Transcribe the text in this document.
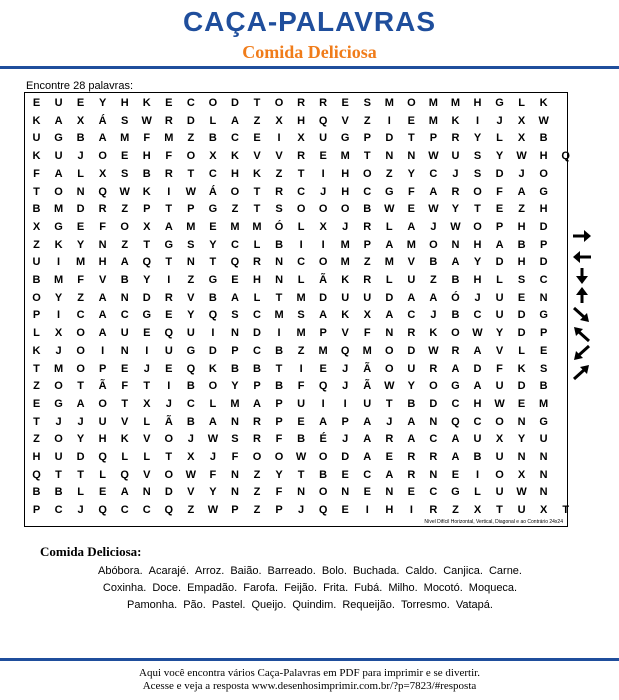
CAÇA-PALAVRAS
Comida Deliciosa
Encontre 28 palavras:
E	U	E	Y	H	K	E	C	O	D	T	O	R	R	E	S	M	O	M	M	H	G	L	K
K	A	X	Á	S	W	R	D	L	A	Z	X	H	Q	V	Z	I	E	M	K	I	J	X	W
U	G	B	A	M	F	M	Z	B	C	E	I	X	U	G	P	D	T	P	R	Y	L	X	B
K	U	J	O	E	H	F	O	X	K	V	V	R	E	M	T	N	N	W	U	S	Y	W	H	Q
F	A	L	X	S	B	R	T	C	H	K	Z	T	I	H	O	Z	Y	C	J	S	D	J	O
T	O	N	Q	W	K	I	W	Á	O	T	R	C	J	H	C	G	F	A	R	O	F	A	G
B	M	D	R	Z	P	T	P	G	Z	T	S	O	O	O	B	W	E	W	Y	T	E	Z	H
X	G	E	F	O	X	A	M	E	M	M	Ó	L	X	J	R	L	A	J	W	O	P	H	D
Z	K	Y	N	Z	T	G	S	Y	C	L	B	I	I	M	P	A	M	O	N	H	A	B	P
U	I	M	H	A	Q	T	N	T	Q	R	N	C	O	M	Z	M	V	B	A	Y	D	H	D
B	M	F	V	B	Y	I	Z	G	E	H	N	L	Ã	K	R	L	U	Z	B	H	L	S	C
O	Y	Z	A	N	D	R	V	B	A	L	T	M	D	U	U	D	A	A	Ó	J	U	E	N
P	I	C	A	C	G	E	Y	Q	S	C	M	S	A	K	X	A	C	J	B	C	U	D	G
L	X	O	A	U	E	Q	U	I	N	D	I	M	P	V	F	N	R	K	O	W	Y	D	P
K	J	O	I	N	I	U	G	D	P	C	B	Z	M	Q	M	O	D	W	R	A	V	L	E
T	M	O	P	E	J	E	Q	K	B	B	T	I	E	J	Ã	O	U	R	A	D	F	K	S
Z	O	T	Ã	F	T	I	B	O	Y	P	B	F	Q	J	Ã	W	Y	O	G	A	U	D	B
E	G	A	O	T	X	J	C	L	M	A	P	U	I	I	U	T	B	D	C	H	W	E	M
T	J	J	U	V	L	Ã	B	A	N	R	P	E	A	P	A	J	A	N	Q	C	O	N	G
Z	O	Y	H	K	V	O	J	W	S	R	F	B	É	J	A	R	A	C	A	U	X	Y	U
H	U	D	Q	L	L	T	X	J	F	O	O	W	O	D	A	E	R	R	A	B	U	N	N
Q	T	T	L	Q	V	O	W	F	N	Z	Y	T	B	E	C	A	R	N	E	I	O	X	N
B	B	L	E	A	N	D	V	Y	N	Z	F	N	O	N	E	N	E	C	G	L	U	W	N
P	C	J	Q	C	C	Q	Z	W	P	Z	P	J	Q	E	I	H	I	R	Z	X	T	U	X	T
Nível Difícil Horizontal, Vertical, Diagonal e ao Contrário 24x24
Comida Deliciosa:
Abóbora. Acarajé. Arroz. Baião. Barreado. Bolo. Buchada. Caldo. Canjica. Carne.
Coxinha. Doce. Empadão. Farofa. Feijão. Frita. Fubá. Milho. Mocotó. Moqueca.
Pamonha. Pão. Pastel. Queijo. Quindim. Requeijão. Torresmo. Vatapá.
Aqui você encontra vários Caça-Palavras em PDF para imprimir e se divertir.
Acesse e veja a resposta www.desenhosimprimir.com.br/?p=7823/#resposta
